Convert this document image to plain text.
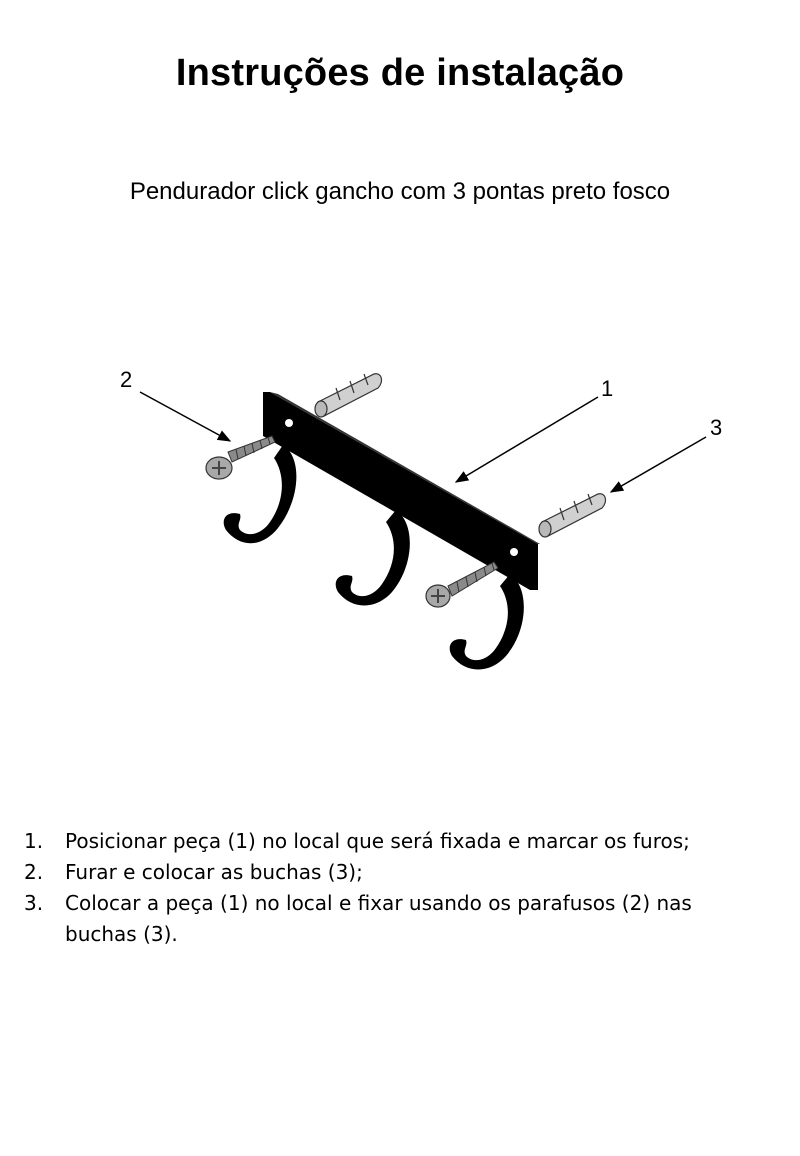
Instruções de instalação

Pendurador click gancho com 3 pontas preto fosco

1
2
3
1.	Posicionar peça (1) no local que será fixada e marcar os furos;
2.	Furar e colocar as buchas (3);
3.	Colocar a peça (1) no local e fixar usando os parafusos (2) nas buchas (3).
